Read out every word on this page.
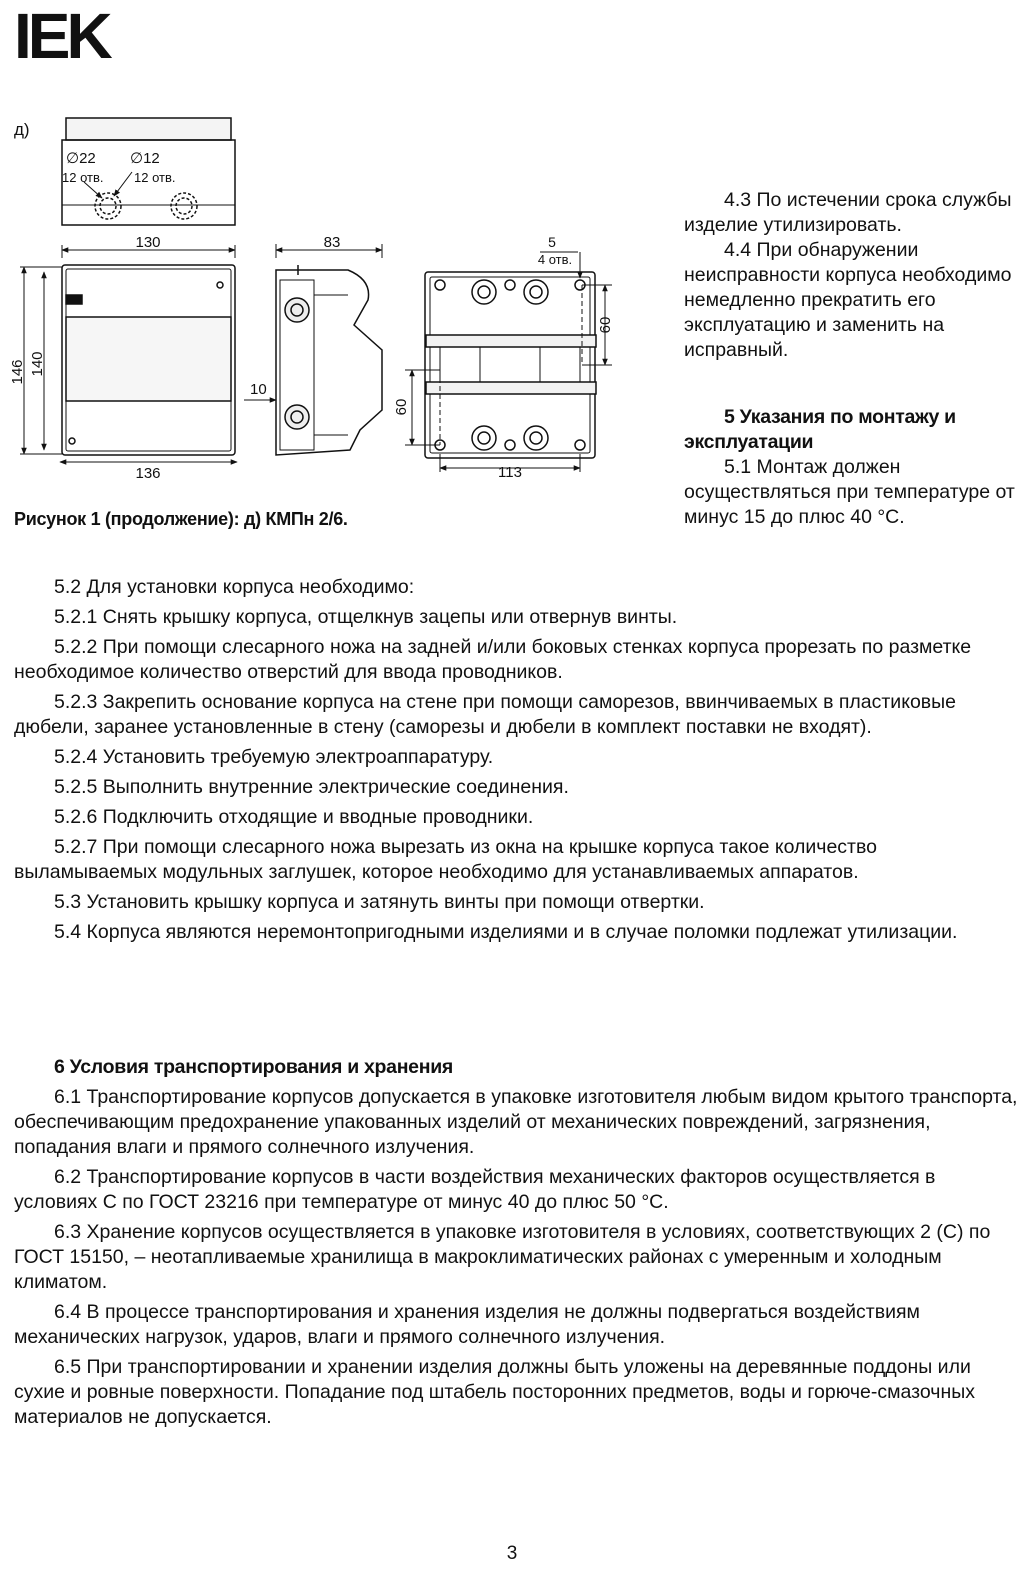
IEK
д)
∅22
12 отв.
∅12
12 отв.
130
136
146 140
83
10
5
4 отв.
60
60
113
Рисунок 1 (продолжение): д) КМПн 2/6.

4.3 По истечении срока службы изделие утилизировать.

4.4 При обнаружении неисправности корпуса необходимо немедленно прекратить его эксплуатацию и заменить на исправный.

5 Указания по монтажу и эксплуатации

5.1 Монтаж должен осуществляться при температуре от минус 15 до плюс 40 °С.

5.2 Для установки корпуса необходимо:

5.2.1 Снять крышку корпуса, отщелкнув зацепы или отвернув винты.

5.2.2 При помощи слесарного ножа на задней и/или боковых стенках корпуса прорезать по разметке необходимое количество отверстий для ввода проводников.

5.2.3 Закрепить основание корпуса на стене при помощи саморезов, ввинчиваемых в пластиковые дюбели, заранее установленные в стену (саморезы и дюбели в комплект поставки не входят).

5.2.4 Установить требуемую электроаппаратуру.

5.2.5 Выполнить внутренние электрические соединения.

5.2.6 Подключить отходящие и вводные проводники.

5.2.7 При помощи слесарного ножа вырезать из окна на крышке корпуса такое количество выламываемых модульных заглушек, которое необходимо для устанавливаемых аппаратов.

5.3 Установить крышку корпуса и затянуть винты при помощи отвертки.

5.4 Корпуса являются неремонтопригодными изделиями и в случае поломки подлежат утилизации.

6 Условия транспортирования и хранения

6.1 Транспортирование корпусов допускается в упаковке изготовителя любым видом крытого транспорта, обеспечивающим предохранение упакованных изделий от механических повреждений, загрязнения, попадания влаги и прямого солнечного излучения.

6.2 Транспортирование корпусов в части воздействия механических факторов осуществляется в условиях С по ГОСТ 23216 при температуре от минус 40 до плюс 50 °С.

6.3 Хранение корпусов осуществляется в упаковке изготовителя в условиях, соответствующих 2 (С) по ГОСТ 15150, – неотапливаемые хранилища в макроклиматических районах с умеренным и холодным климатом.

6.4 В процессе транспортирования и хранения изделия не должны подвергаться воздействиям механических нагрузок, ударов, влаги и прямого солнечного излучения.

6.5 При транспортировании и хранении изделия должны быть уложены на деревянные поддоны или сухие и ровные поверхности. Попадание под штабель посторонних предметов, воды и горюче-смазочных материалов не допускается.

3
